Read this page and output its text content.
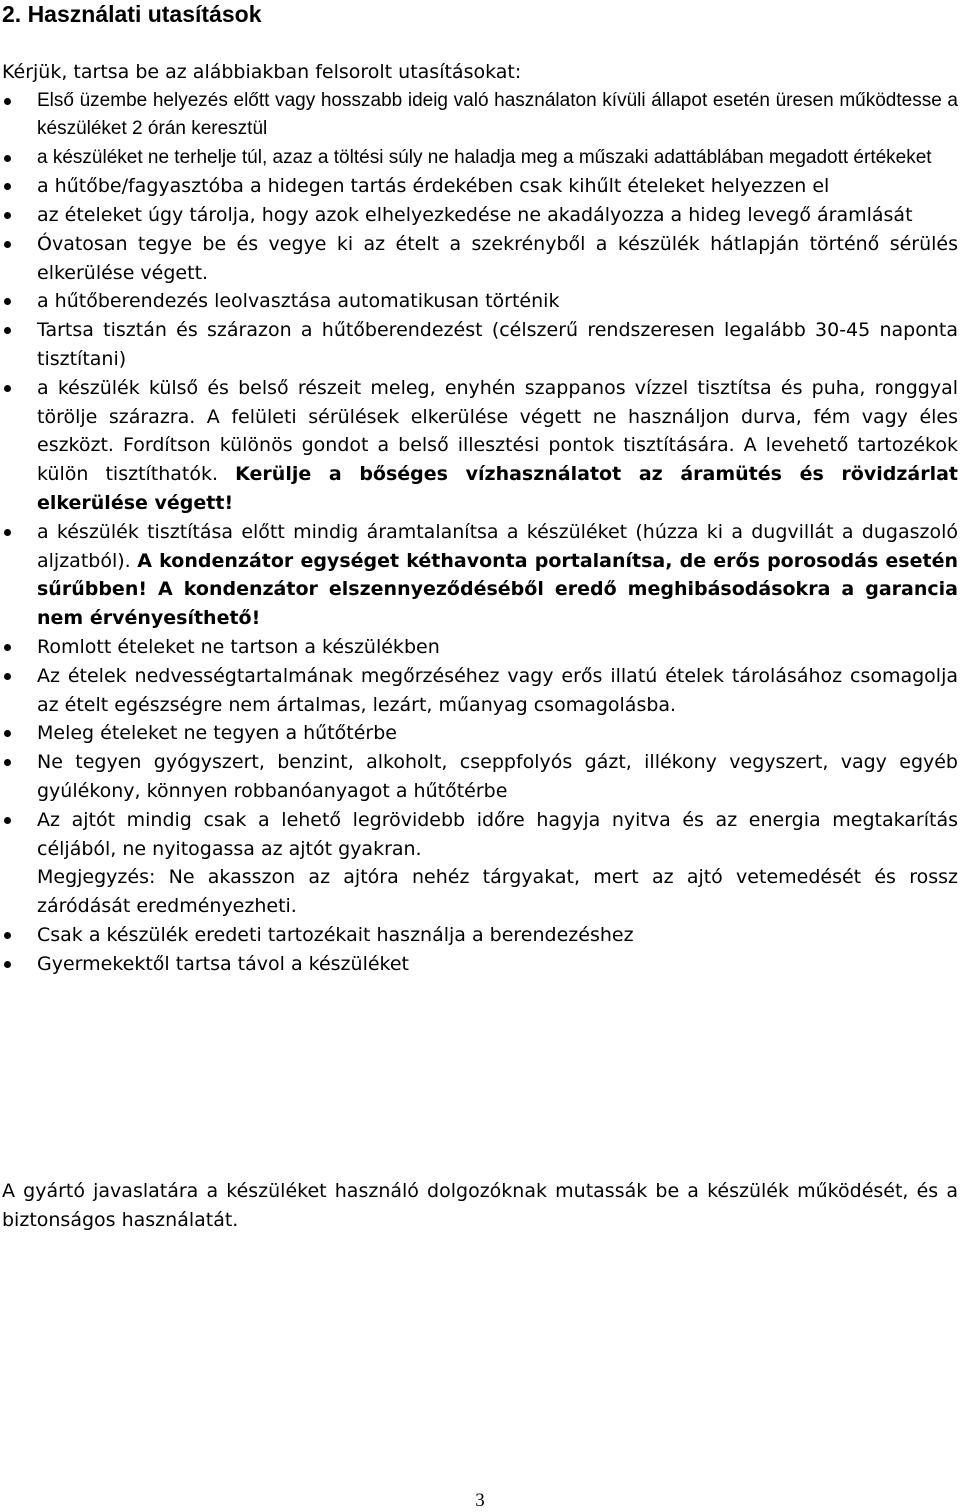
2. Használati utasítások

Kérjük, tartsa be az alábbiakban felsorolt utasításokat:

Első üzembe helyezés előtt vagy hosszabb ideig való használaton kívüli állapot esetén üresen működtesse a készüléket 2 órán keresztül
a készüléket ne terhelje túl, azaz a töltési súly ne haladja meg a műszaki adattáblában megadott értékeket
a hűtőbe/fagyasztóba a hidegen tartás érdekében csak kihűlt ételeket helyezzen el
az ételeket úgy tárolja, hogy azok elhelyezkedése ne akadályozza a hideg levegő áramlását
Óvatosan tegye be és vegye ki az ételt a szekrényből a készülék hátlapján történő sérülés elkerülése végett.
a hűtőberendezés leolvasztása automatikusan történik
Tartsa tisztán és szárazon a hűtőberendezést (célszerű rendszeresen legalább 30-45 naponta tisztítani)
a készülék külső és belső részeit meleg, enyhén szappanos vízzel tisztítsa és puha, ronggyal törölje szárazra. A felületi sérülések elkerülése végett ne használjon durva, fém vagy éles eszközt. Fordítson különös gondot a belső illesztési pontok tisztítására. A levehető tartozékok külön tisztíthatók. Kerülje a bőséges vízhasználatot az áramütés és rövidzárlat elkerülése végett!
a készülék tisztítása előtt mindig áramtalanítsa a készüléket (húzza ki a dugvillát a dugaszoló aljzatból). A kondenzátor egységet kéthavonta portalanítsa, de erős porosodás esetén sűrűbben! A kondenzátor elszennyeződéséből eredő meghibásodásokra a garancia nem érvényesíthető!
Romlott ételeket ne tartson a készülékben
Az ételek nedvességtartalmának megőrzéséhez vagy erős illatú ételek tárolásához csomagolja az ételt egészségre nem ártalmas, lezárt, műanyag csomagolásba.
Meleg ételeket ne tegyen a hűtőtérbe
Ne tegyen gyógyszert, benzint, alkoholt, cseppfolyós gázt, illékony vegyszert, vagy egyéb gyúlékony, könnyen robbanóanyagot a hűtőtérbe
Az ajtót mindig csak a lehető legrövidebb időre hagyja nyitva és az energia megtakarítás céljából, ne nyitogassa az ajtót gyakran.
Megjegyzés: Ne akasszon az ajtóra nehéz tárgyakat, mert az ajtó vetemedését és rossz záródását eredményezheti.
Csak a készülék eredeti tartozékait használja a berendezéshez
Gyermekektől tartsa távol a készüléket

A gyártó javaslatára a készüléket használó dolgozóknak mutassák be a készülék működését, és a biztonságos használatát.

3
